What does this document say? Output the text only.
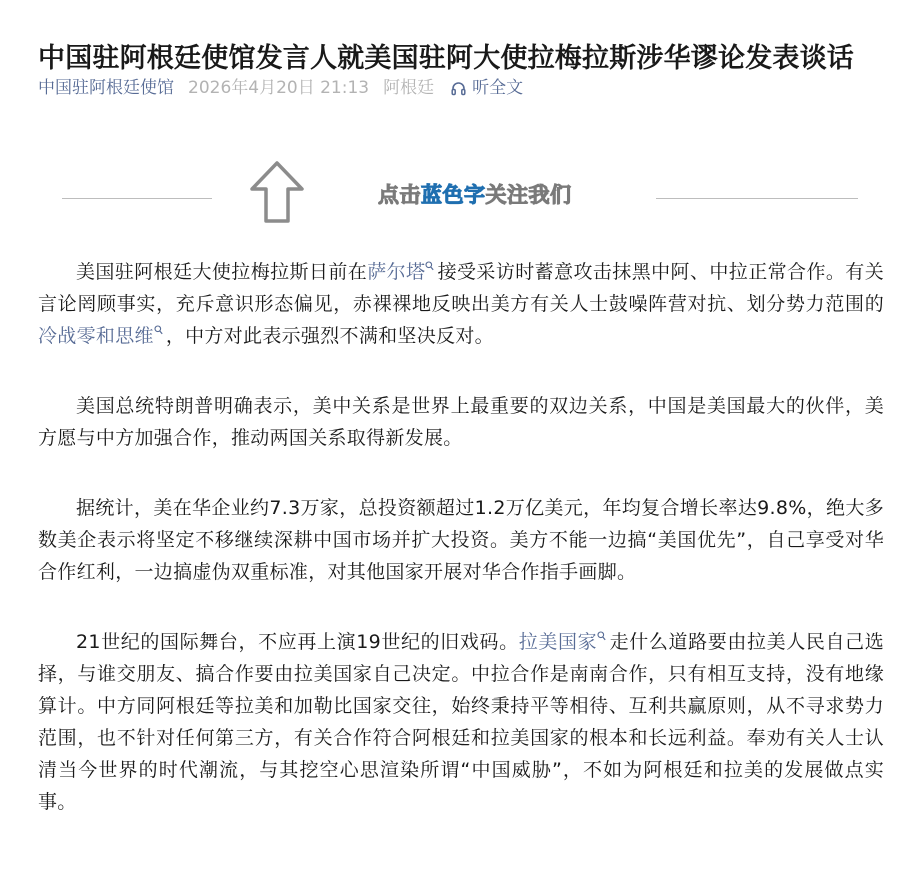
中国驻阿根廷使馆发言人就美国驻阿大使拉梅拉斯涉华谬论发表谈话
中国驻阿根廷使馆 2026年4月20日 21:13 阿根廷 听全文
点击蓝色字关注我们

美国驻阿根廷大使拉梅拉斯日前在萨尔塔 接受采访时蓄意攻击抹黑中阿、中拉正常合作。有关言论罔顾事实，充斥意识形态偏见，赤裸裸地反映出美方有关人士鼓噪阵营对抗、划分势力范围的冷战零和思维 ，中方对此表示强烈不满和坚决反对。

美国总统特朗普明确表示，美中关系是世界上最重要的双边关系，中国是美国最大的伙伴，美方愿与中方加强合作，推动两国关系取得新发展。

据统计，美在华企业约7.3万家，总投资额超过1.2万亿美元，年均复合增长率达9.8%，绝大多数美企表示将坚定不移继续深耕中国市场并扩大投资。美方不能一边搞“美国优先”，自己享受对华合作红利，一边搞虚伪双重标准，对其他国家开展对华合作指手画脚。

21世纪的国际舞台，不应再上演19世纪的旧戏码。拉美国家 走什么道路要由拉美人民自己选择，与谁交朋友、搞合作要由拉美国家自己决定。中拉合作是南南合作，只有相互支持，没有地缘算计。中方同阿根廷等拉美和加勒比国家交往，始终秉持平等相待、互利共赢原则，从不寻求势力范围，也不针对任何第三方，有关合作符合阿根廷和拉美国家的根本和长远利益。奉劝有关人士认清当今世界的时代潮流，与其挖空心思渲染所谓“中国威胁”，不如为阿根廷和拉美的发展做点实事。
